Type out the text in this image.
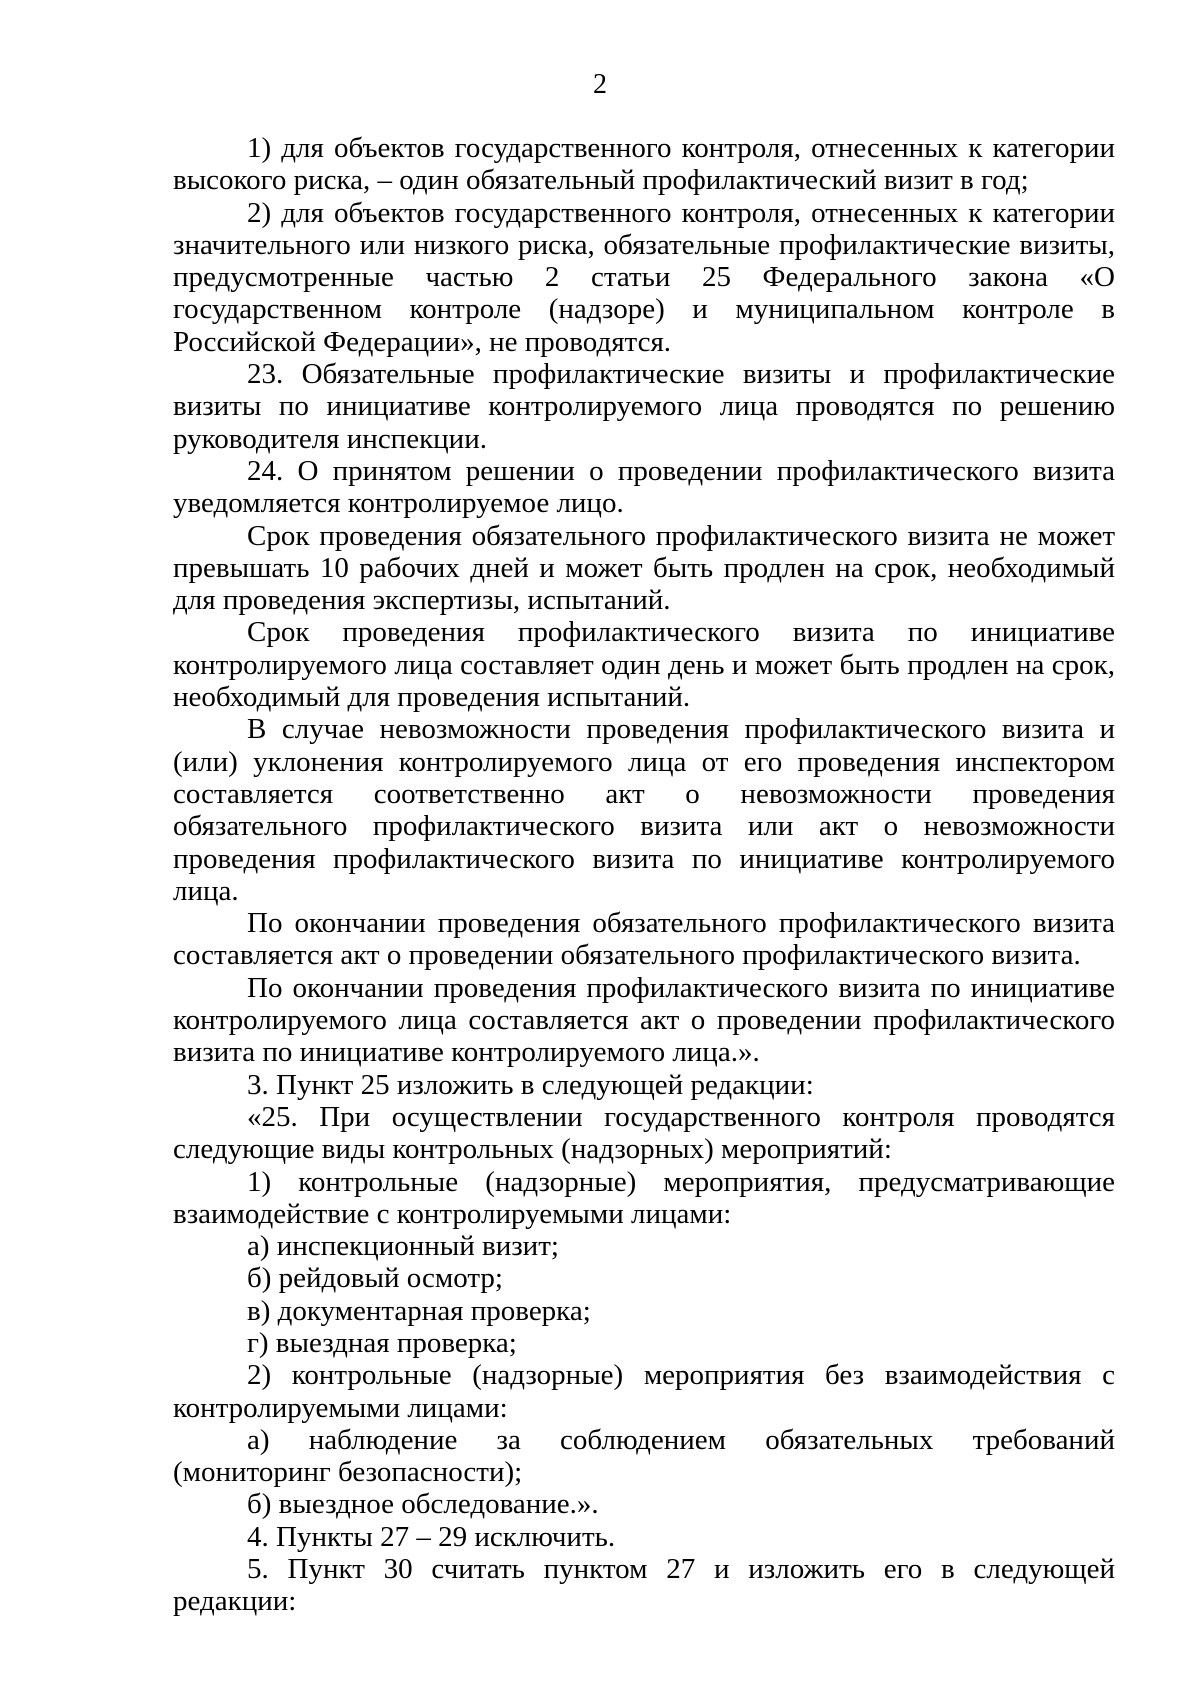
2

1) для объектов государственного контроля, отнесенных к категории высокого риска, – один обязательный профилактический визит в год;

2) для объектов государственного контроля, отнесенных к категории значительного или низкого риска, обязательные профилактические визиты, предусмотренные частью 2 статьи 25 Федерального закона «О государственном контроле (надзоре) и муниципальном контроле в Российской Федерации», не проводятся.

23. Обязательные профилактические визиты и профилактические визиты по инициативе контролируемого лица проводятся по решению руководителя инспекции.

24. О принятом решении о проведении профилактического визита уведомляется контролируемое лицо.

Срок проведения обязательного профилактического визита не может превышать 10 рабочих дней и может быть продлен на срок, необходимый для проведения экспертизы, испытаний.

Срок проведения профилактического визита по инициативе контролируемого лица составляет один день и может быть продлен на срок, необходимый для проведения испытаний.

В случае невозможности проведения профилактического визита и (или) уклонения контролируемого лица от его проведения инспектором составляется соответственно акт о невозможности проведения обязательного профилактического визита или акт о невозможности проведения профилактического визита по инициативе контролируемого лица.

По окончании проведения обязательного профилактического визита составляется акт о проведении обязательного профилактического визита.

По окончании проведения профилактического визита по инициативе контролируемого лица составляется акт о проведении профилактического визита по инициативе контролируемого лица.».

3. Пункт 25 изложить в следующей редакции:

«25. При осуществлении государственного контроля проводятся следующие виды контрольных (надзорных) мероприятий:

1) контрольные (надзорные) мероприятия, предусматривающие взаимодействие с контролируемыми лицами:

а) инспекционный визит;

б) рейдовый осмотр;

в) документарная проверка;

г) выездная проверка;

2) контрольные (надзорные) мероприятия без взаимодействия с контролируемыми лицами:

а) наблюдение за соблюдением обязательных требований (мониторинг безопасности);

б) выездное обследование.».

4. Пункты 27 – 29 исключить.

5. Пункт 30 считать пунктом 27 и изложить его в следующей редакции:
